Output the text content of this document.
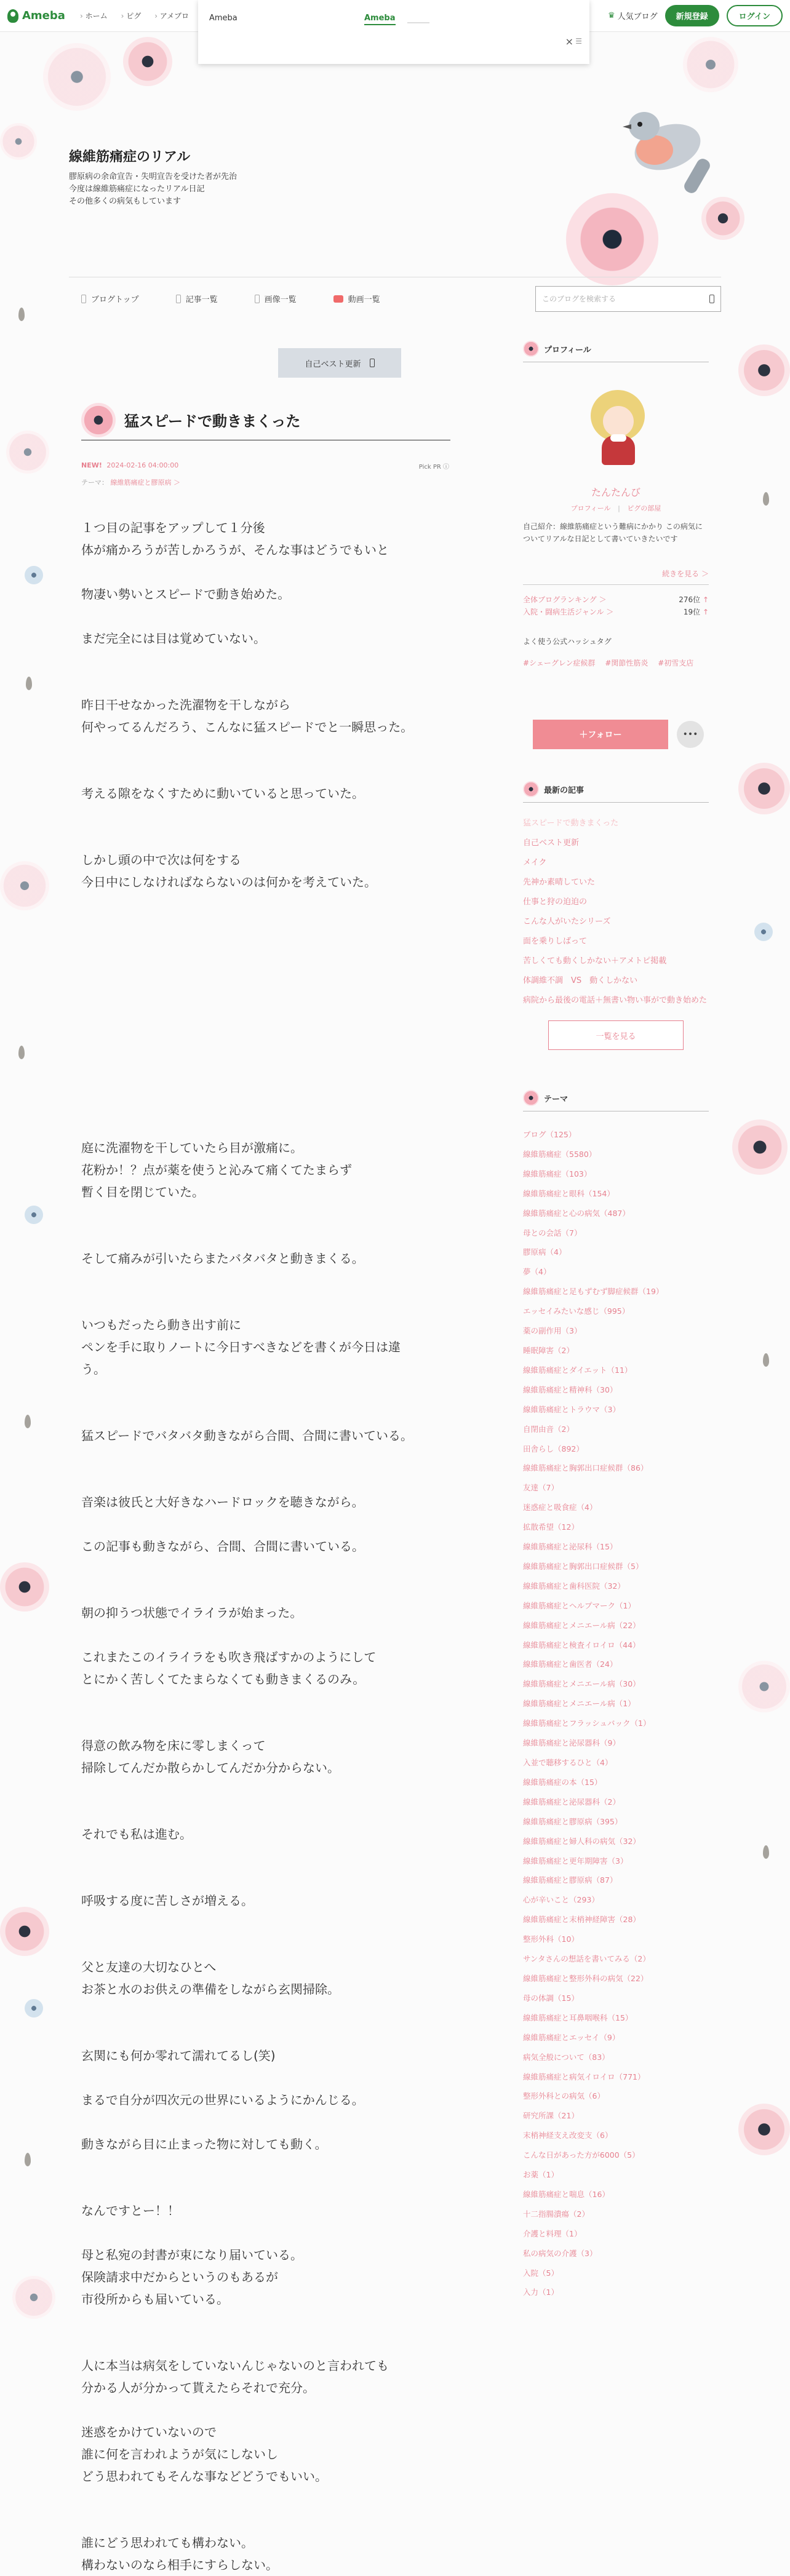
Ameba	› ホーム	› ピグ	› アメブロ	♛ 人気ブログ	新規登録	ログイン
Ameba	Ameba
× ☰
線維筋痛症のリアル
膠原病の余命宣告・失明宣告を受けた者が先治
今度は線維筋痛症になったリアル日記
その他多くの病気もしています
ブログトップ	記事一覧	画像一覧	動画一覧	このブログを検索する
自己ベスト更新
猛スピードで動きまくった
NEW! 2024-02-16 04:00:00	Pick PR ⓘ
テーマ： 線維筋痛症と膠原病 ＞

１つ目の記事をアップして１分後

体が痛かろうが苦しかろうが、そんな事はどうでもいと

物凄い勢いとスピードで動き始めた。

まだ完全には目は覚めていない。

昨日干せなかった洗濯物を干しながら

何やってるんだろう、こんなに猛スピードでと一瞬思った。

考える隙をなくすために動いていると思っていた。

しかし頭の中で次は何をする

今日中にしなければならないのは何かを考えていた。

庭に洗濯物を干していたら目が激痛に。

花粉か！？点が薬を使うと沁みて痛くてたまらず

暫く目を閉じていた。

そして痛みが引いたらまたバタバタと動きまくる。

いつもだったら動き出す前に

ペンを手に取りノートに今日すべきなどを書くが今日は違

う。

猛スピードでバタバタ動きながら合間、合間に書いている。

音楽は彼氏と大好きなハードロックを聴きながら。

この記事も動きながら、合間、合間に書いている。

朝の抑うつ状態でイライラが始まった。

これまたこのイライラをも吹き飛ばすかのようにして

とにかく苦しくてたまらなくても動きまくるのみ。

得意の飲み物を床に零しまくって

掃除してんだか散らかしてんだか分からない。

それでも私は進む。

呼吸する度に苦しさが増える。

父と友達の大切なひとへ

お茶と水のお供えの準備をしながら玄関掃除。

玄関にも何か零れて濡れてるし(笑)

まるで自分が四次元の世界にいるようにかんじる。

動きながら目に止まった物に対しても動く。

なんですとー！！

母と私宛の封書が束になり届いている。

保険請求中だからというのもあるが

市役所からも届いている。

人に本当は病気をしていないんじゃないのと言われても

分かる人が分かって貰えたらそれで充分。

迷惑をかけていないので

誰に何を言われようが気にしないし

どう思われてもそんな事などどうでもいい。

誰にどう思われても構わない。

構わないのなら相手にすらしない。

プロフィール
たんたんび
プロフィール | ピグの部屋
自己紹介：線維筋痛症という難病にかかり この病気についてリアルな日記として書いていきたいです
続きを見る ＞
全体ブログランキング ＞	276位 ↑
入院・闘病生活ジャンル ＞	19位 ↑
よく使う公式ハッシュタグ
#シェーグレン症候群 #関節性筋炎 #初雪支店
＋フォロー	•••
最新の記事
猛スピードで動きまくった
自己ベスト更新
メイク
先神か素晴していた
仕事と狩の迫迫の
こんな人がいたシリーズ
面を乗りしばって
苦しくても動くしかない＋アメトピ掲載
体調維不調　VS　動くしかない
病院から最後の電話＋無書い物い事がで動き始めた
一覧を見る
テーマ
ブログ（125）
線維筋痛症（5580）
線維筋痛症（103）
線維筋痛症と眼科（154）
線維筋痛症と心の病気（487）
母との会話（7）
膠原病（4）
夢（4）
線維筋痛症と足もずむず脚症候群（19）
エッセイみたいな感じ（995）
薬の副作用（3）
睡眠障害（2）
線維筋痛症とダイエット（11）
線維筋痛症と精神科（30）
線維筋痛症とトラウマ（3）
自閉由音（2）
田舎らし（892）
線維筋痛症と胸郭出口症候群（86）
友達（7）
迷惑症と吸食症（4）
拡散希望（12）
線維筋痛症と泌尿科（15）
線維筋痛症と胸郭出口症候群（5）
線維筋痛症と歯科医院（32）
線維筋痛症とヘルプマーク（1）
線維筋痛症とメニエール病（22）
線維筋痛症と検査イロイロ（44）
線維筋痛症と歯医者（24）
線維筋痛症とメニエール病（30）
線維筋痛症とメニエール病（1）
線維筋痛症とフラッシュバック（1）
線維筋痛症と泌尿器科（9）
入並で聴移するひと（4）
線維筋痛症の本（15）
線維筋痛症と泌尿器科（2）
線維筋痛症と膠原病（395）
線維筋痛症と婦人科の病気（32）
線維筋痛症と更年期障害（3）
線維筋痛症と膠原病（87）
心が辛いこと（293）
線維筋痛症と末梢神経障害（28）
整形外科（10）
サンタさんの想話を書いてみる（2）
線維筋痛症と整形外科の病気（22）
母の体調（15）
線維筋痛症と耳鼻咽喉科（15）
線維筋痛症とエッセイ（9）
病気全般について（83）
線維筋痛症と病気イロイロ（771）
整形外科との病気（6）
研究所課（21）
末梢神経支え改変支（6）
こんな日があった方が6000（5）
お薬（1）
線維筋痛症と喘息（16）
十二指腸潰瘍（2）
介護と料理（1）
私の病気の介護（3）
入院（5）
入力（1）
